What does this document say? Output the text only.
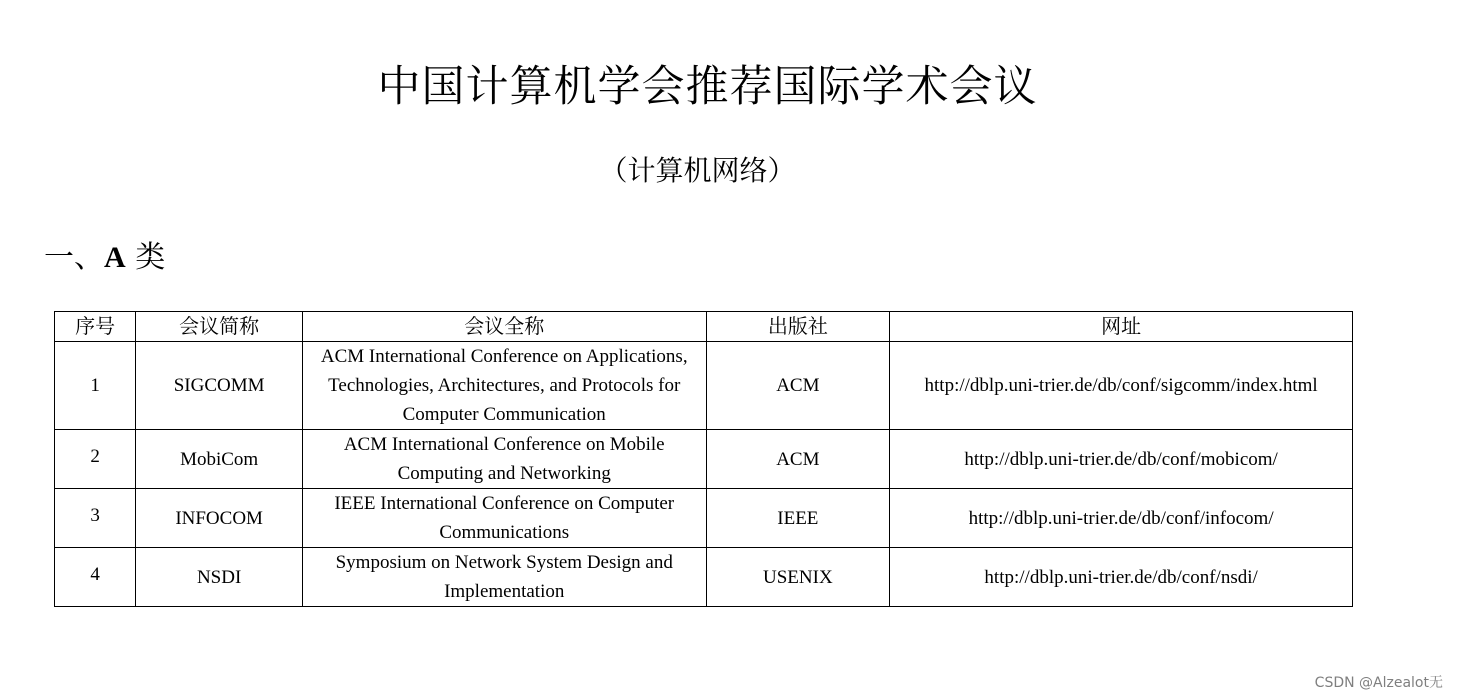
中国计算机学会推荐国际学术会议
（计算机网络）
一、A 类
序号	会议简称	会议全称	出版社	网址
1	SIGCOMM	ACM International Conference on Applications, Technologies, Architectures, and Protocols for Computer Communication	ACM	http://dblp.uni-trier.de/db/conf/sigcomm/index.html
2	MobiCom	ACM International Conference on Mobile Computing and Networking	ACM	http://dblp.uni-trier.de/db/conf/mobicom/
3	INFOCOM	IEEE International Conference on Computer Communications	IEEE	http://dblp.uni-trier.de/db/conf/infocom/
4	NSDI	Symposium on Network System Design and Implementation	USENIX	http://dblp.uni-trier.de/db/conf/nsdi/
CSDN @Alzealot无
